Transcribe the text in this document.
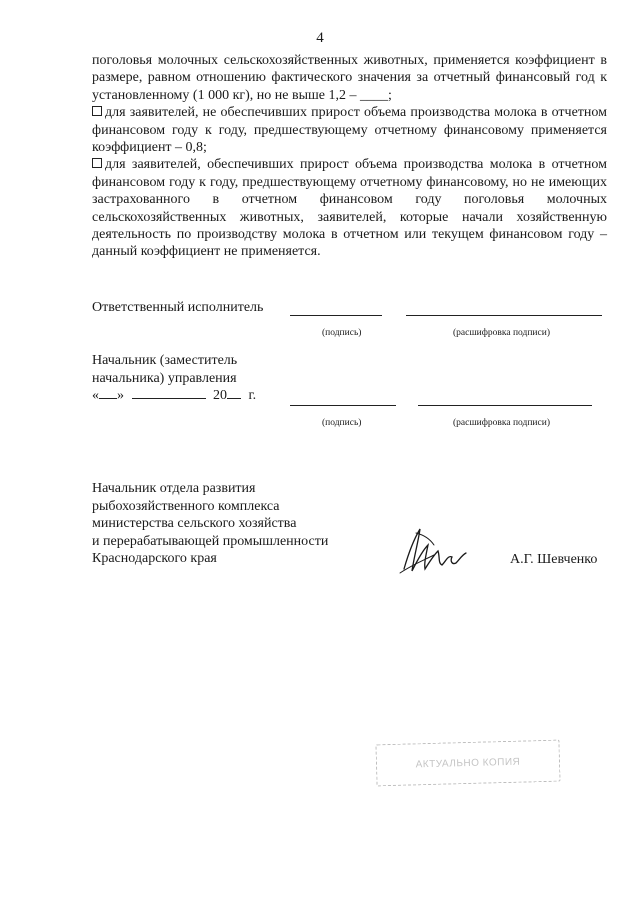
4

поголовья молочных сельскохозяйственных животных, применяется коэффициент в размере, равном отношению фактического значения за отчетный финансовый год к установленному (1 000 кг), но не выше 1,2 – ____;

для заявителей, не обеспечивших прирост объема производства молока в отчетном финансовом году к году, предшествующему отчетному финансовому применяется коэффициент – 0,8;

для заявителей, обеспечивших прирост объема производства молока в отчетном финансовом году к году, предшествующему отчетному финансовому, но не имеющих застрахованного в отчетном финансовом году поголовья молочных сельскохозяйственных животных, заявителей, которые начали хозяйственную деятельность по производству молока в отчетном или текущем финансовом году – данный коэффициент не применяется.

Ответственный исполнитель
(подпись)	(расшифровка подписи)
Начальник (заместитель
начальника) управления
« »	20 г.
(подпись)	(расшифровка подписи)
Начальник отдела развития
рыбохозяйственного комплекса
министерства сельского хозяйства
и перерабатывающей промышленности
Краснодарского края	А.Г. Шевченко
АКТУАЛЬНО КОПИЯ
